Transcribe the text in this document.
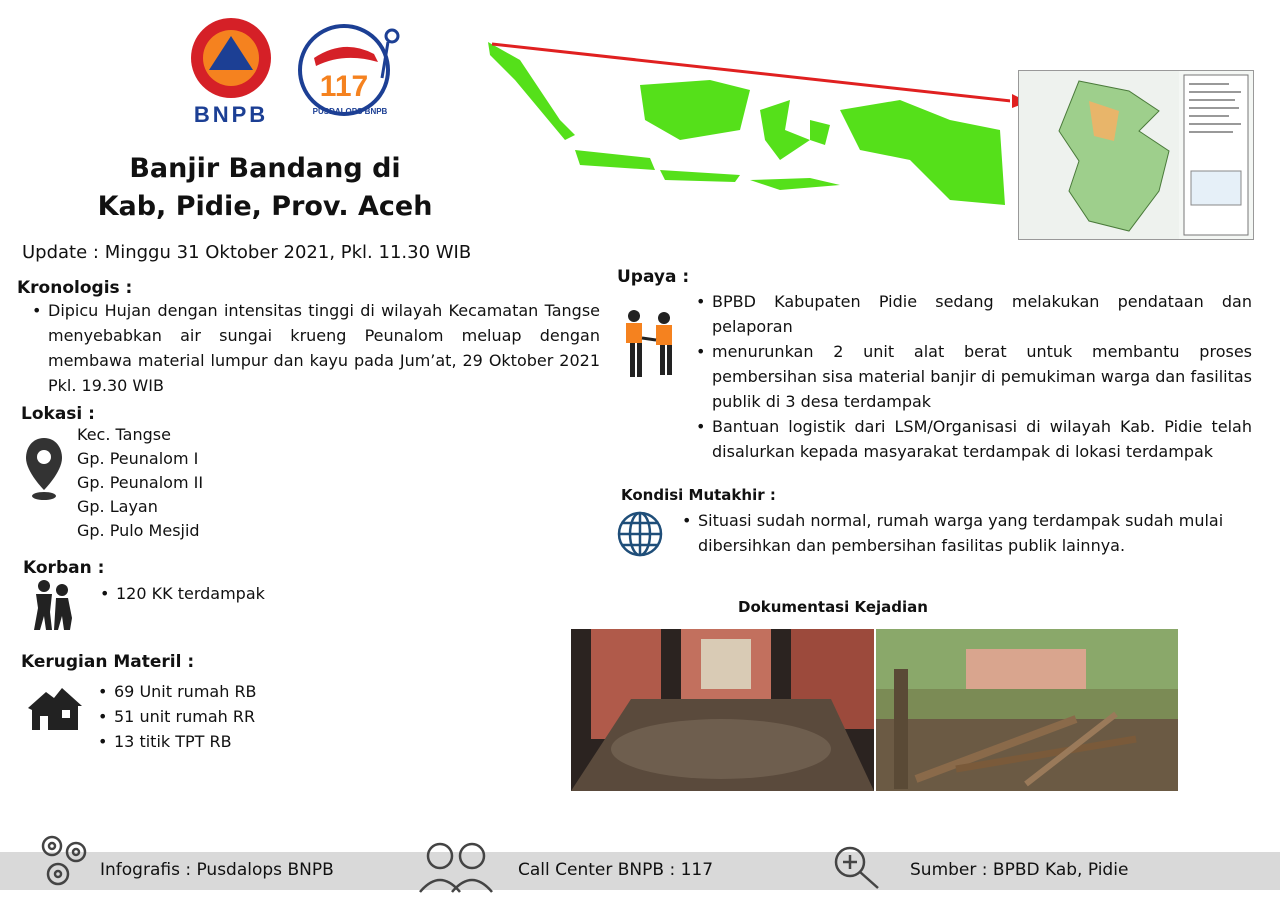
BNPB
117
PUSDALOPS BNPB
Banjir Bandang di
Kab, Pidie, Prov. Aceh
Update : Minggu 31 Oktober 2021, Pkl. 11.30 WIB
Kronologis :
• Dipicu Hujan dengan intensitas tinggi di wilayah Kecamatan Tangse menyebabkan air sungai krueng Peunalom meluap dengan membawa material lumpur dan kayu pada Jum’at, 29 Oktober 2021 Pkl. 19.30 WIB
Lokasi :
Kec. Tangse
Gp. Peunalom I
Gp. Peunalom II
Gp. Layan
Gp. Pulo Mesjid
Korban :
• 120 KK terdampak
Kerugian Materil :
• 69 Unit rumah RB
• 51 unit rumah RR
• 13 titik TPT RB
Upaya :
• BPBD Kabupaten Pidie sedang melakukan pendataan dan pelaporan
• menurunkan 2 unit alat berat untuk membantu proses pembersihan sisa material banjir di pemukiman warga dan fasilitas publik di 3 desa terdampak
• Bantuan logistik dari LSM/Organisasi di wilayah Kab. Pidie telah disalurkan kepada masyarakat terdampak di lokasi terdampak
Kondisi Mutakhir :
• Situasi sudah normal, rumah warga yang terdampak sudah mulai dibersihkan dan pembersihan fasilitas publik lainnya.
Dokumentasi Kejadian
Infografis : Pusdalops BNPB	Call Center BNPB : 117	Sumber : BPBD Kab, Pidie
